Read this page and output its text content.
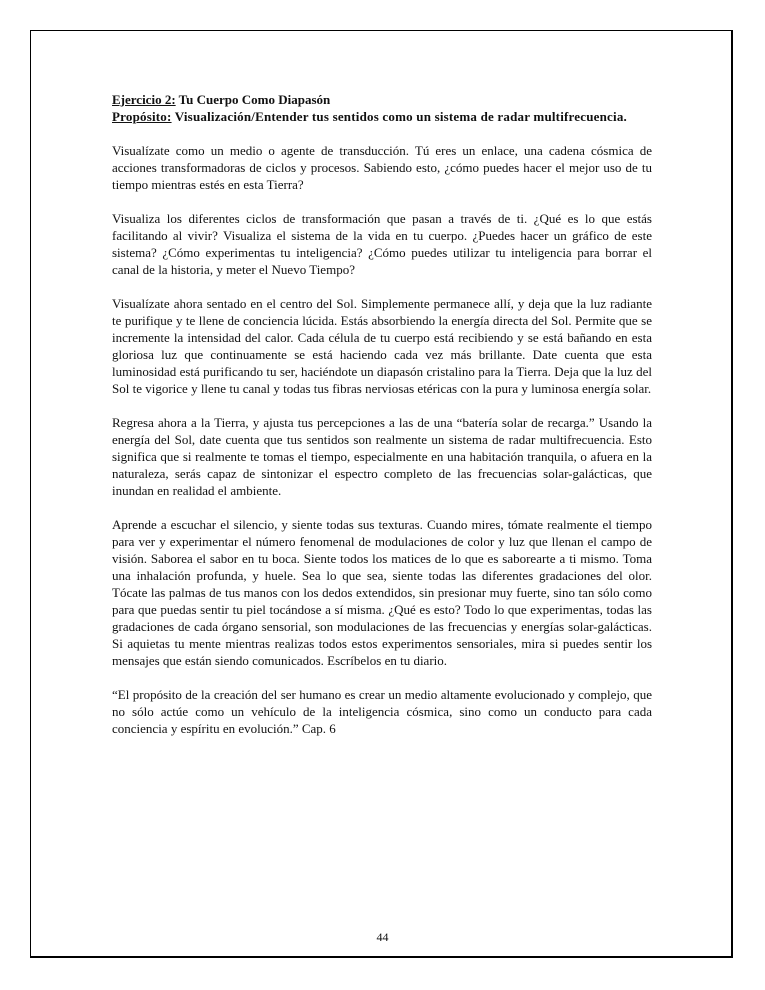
Ejercicio 2: Tu Cuerpo Como Diapasón

Propósito: Visualización/Entender tus sentidos como un sistema de radar multifrecuencia.

Visualízate como un medio o agente de transducción. Tú eres un enlace, una cadena cósmica de acciones transformadoras de ciclos y procesos. Sabiendo esto, ¿cómo puedes hacer el mejor uso de tu tiempo mientras estés en esta Tierra?

Visualiza los diferentes ciclos de transformación que pasan a través de ti. ¿Qué es lo que estás facilitando al vivir? Visualiza el sistema de la vida en tu cuerpo. ¿Puedes hacer un gráfico de este sistema? ¿Cómo experimentas tu inteligencia? ¿Cómo puedes utilizar tu inteligencia para borrar el canal de la historia, y meter el Nuevo Tiempo?

Visualízate ahora sentado en el centro del Sol. Simplemente permanece allí, y deja que la luz radiante te purifique y te llene de conciencia lúcida. Estás absorbiendo la energía directa del Sol. Permite que se incremente la intensidad del calor. Cada célula de tu cuerpo está recibiendo y se está bañando en esta gloriosa luz que continuamente se está haciendo cada vez más brillante. Date cuenta que esta luminosidad está purificando tu ser, haciéndote un diapasón cristalino para la Tierra. Deja que la luz del Sol te vigorice y llene tu canal y todas tus fibras nerviosas etéricas con la pura y luminosa energía solar.

Regresa ahora a la Tierra, y ajusta tus percepciones a las de una “batería solar de recarga.” Usando la energía del Sol, date cuenta que tus sentidos son realmente un sistema de radar multifrecuencia. Esto significa que si realmente te tomas el tiempo, especialmente en una habitación tranquila, o afuera en la naturaleza, serás capaz de sintonizar el espectro completo de las frecuencias solar-galácticas, que inundan en realidad el ambiente.

Aprende a escuchar el silencio, y siente todas sus texturas. Cuando mires, tómate realmente el tiempo para ver y experimentar el número fenomenal de modulaciones de color y luz que llenan el campo de visión. Saborea el sabor en tu boca. Siente todos los matices de lo que es saborearte a ti mismo. Toma una inhalación profunda, y huele. Sea lo que sea, siente todas las diferentes gradaciones del olor. Tócate las palmas de tus manos con los dedos extendidos, sin presionar muy fuerte, sino tan sólo como para que puedas sentir tu piel tocándose a sí misma. ¿Qué es esto? Todo lo que experimentas, todas las gradaciones de cada órgano sensorial, son modulaciones de las frecuencias y energías solar-galácticas. Si aquietas tu mente mientras realizas todos estos experimentos sensoriales, mira si puedes sentir los mensajes que están siendo comunicados. Escríbelos en tu diario.

“El propósito de la creación del ser humano es crear un medio altamente evolucionado y complejo, que no sólo actúe como un vehículo de la inteligencia cósmica, sino como un conducto para cada conciencia y espíritu en evolución.” Cap. 6

44
